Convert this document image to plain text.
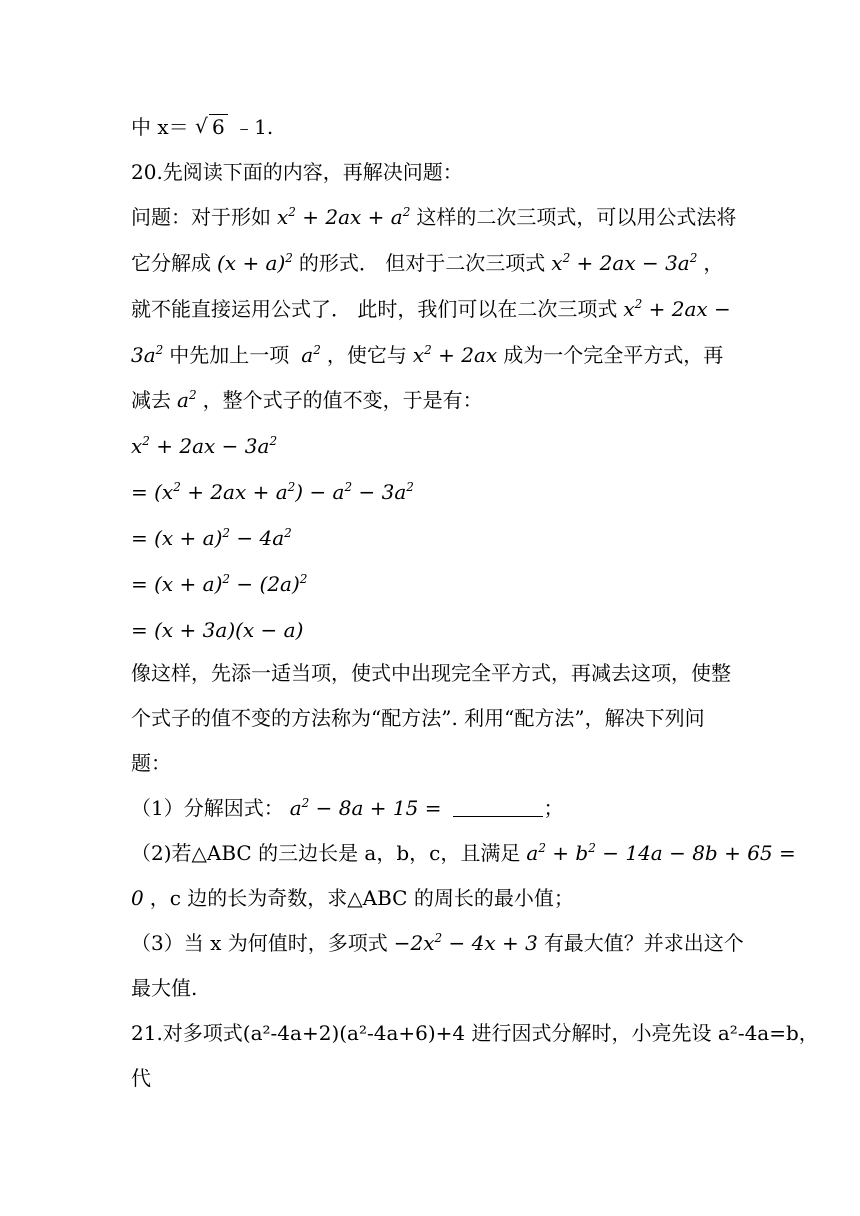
中 x＝ √ 6 ﹣1.

20.先阅读下面的内容，再解决问题：

问题：对于形如 $x^2 + 2ax + a^2$ 这样的二次三项式，可以用公式法将

它分解成 $(x + a)^2$ 的形式． 但对于二次三项式 $x^2 + 2ax - 3a^2$ ，

就不能直接运用公式了． 此时，我们可以在二次三项式 $x^2 + 2ax$ −

$3a^2$ 中先加上一项 $a^2$ ，使它与 $x^2 + 2ax$ 成为一个完全平方式，再

减去 $a^2$ ，整个式子的值不变，于是有：

$x^2 + 2ax - 3a^2$

= $(x^2 + 2ax + a^2) - a^2 - 3a^2$

= $(x + a)^2 - 4a^2$

= $(x + a)^2 - (2a)^2$

= (x + 3a)(x − a)

像这样，先添一适当项，使式中出现完全平方式，再减去这项，使整

个式子的值不变的方法称为“配方法”. 利用“配方法”，解决下列问

题：

（1）分解因式： $a^2 - 8a + 15$ =	；

（2)若△ABC 的三边长是 a，b，c，且满足 $a^2 + b^2 - 14a - 8b + 65$ =

0 ，c 边的长为奇数，求△ABC 的周长的最小值；

（3）当 x 为何值时，多项式 $-2x^2 - 4x + 3$ 有最大值？并求出这个

最大值.

21.对多项式(a²-4a+2)(a²-4a+6)+4 进行因式分解时，小亮先设 a²-4a=b，

代
